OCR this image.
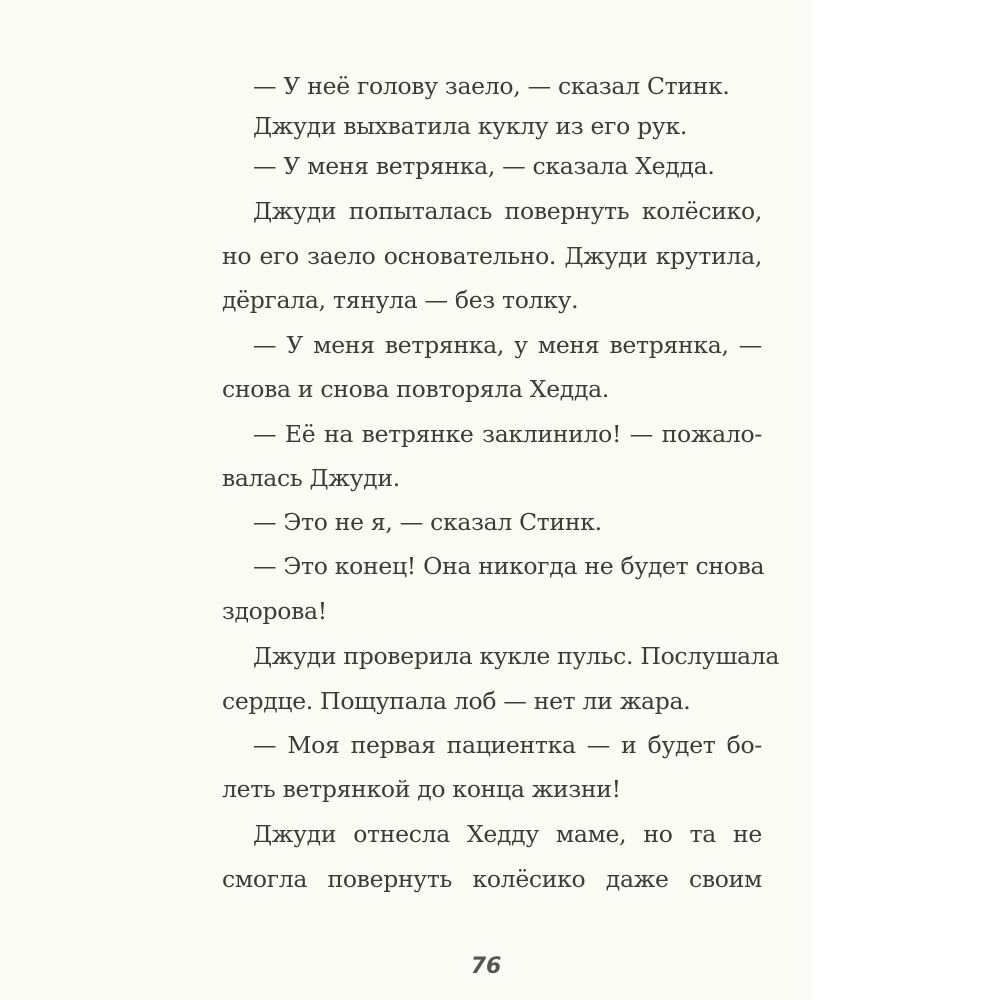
— У неё голову заело, — сказал Стинк.
Джуди выхватила куклу из его рук.
— У меня ветрянка, — сказала Хедда.
Джуди попыталась повернуть колёсико,
но его заело основательно. Джуди крутила,
дёргала, тянула — без толку.
— У меня ветрянка, у меня ветрянка, —
снова и снова повторяла Хедда.
— Её на ветрянке заклинило! — пожало-
валась Джуди.
— Это не я, — сказал Стинк.
— Это конец! Она никогда не будет снова
здорова!
Джуди проверила кукле пульс. Послушала
сердце. Пощупала лоб — нет ли жара.
— Моя первая пациентка — и будет бо-
леть ветрянкой до конца жизни!
Джуди отнесла Хедду маме, но та не
смогла повернуть колёсико даже своим
76
